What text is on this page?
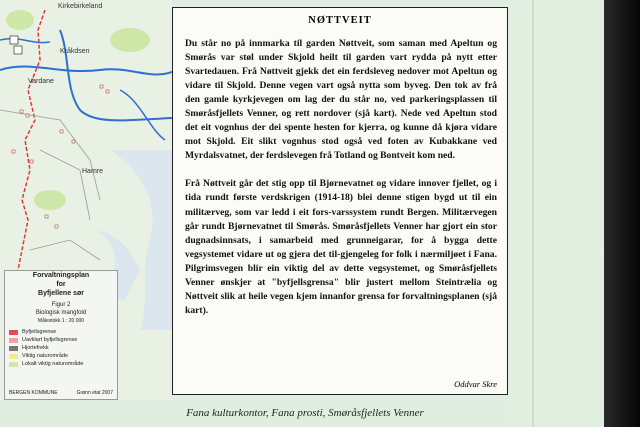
Kirkebirkeland
Kråkdsen
Vardane
Hamre
Forvaltningsplan
for
Byfjellene sør
Figur 2
Biologisk mangfold
Målestokk 1 : 20 000
Byfjellsgrense
Uavklart byfjellsgrense
Hjortefrekk
Viktig naturområde
Lokalt viktig naturområde
BERGEN KOMMUNE	Grønn etat 2007
NØTTVEIT
Du står no på innmarka til garden Nøttveit, som saman med Apeltun og Smørås var støl under Skjold heilt til garden vart rydda på nytt etter Svartedauen. Frå Nøttveit gjekk det ein ferdsleveg nedover mot Apeltun og vidare til Skjold. Denne vegen vart også nytta som byveg. Den tok av frå den gamle kyrkjevegen om lag der du står no, ved parkeringsplassen til Smøråsfjellets Venner, og rett nordover (sjå kart). Nede ved Apeltun stod det eit vognhus der dei spente hesten for kjerra, og kunne då kjøra vidare mot Skjold. Eit slikt vognhus stod også ved foten av Kubakkane ved Myrdalsvatnet, der ferdslevegen frå Totland og Bontveit kom ned.
Frå Nøttveit går det stig opp til Bjørnevatnet og vidare innover fjellet, og i tida rundt første verdskrigen (1914-18) blei denne stigen bygd ut til ein militærveg, som var ledd i eit fors-varssystem rundt Bergen. Militærvegen går rundt Bjørnevatnet til Smørås. Smøråsfjellets Venner har gjort ein stor dugnadsinnsats, i samarbeid med grunneigarar, for å bygga dette vegsystemet vidare ut og gjera det til-gjengeleg for folk i nærmiljøet i Fana. Pilgrimsvegen blir ein viktig del av dette vegsystemet, og Smøråsfjellets Venner ønskjer at "byfjellsgrensa" blir justert mellom Steintrælia og Nøttveit slik at heile vegen kjem innanfor grensa for forvaltningsplanen (sjå kart).
Oddvar Skre
Fana kulturkontor, Fana prosti, Smøråsfjellets Venner
